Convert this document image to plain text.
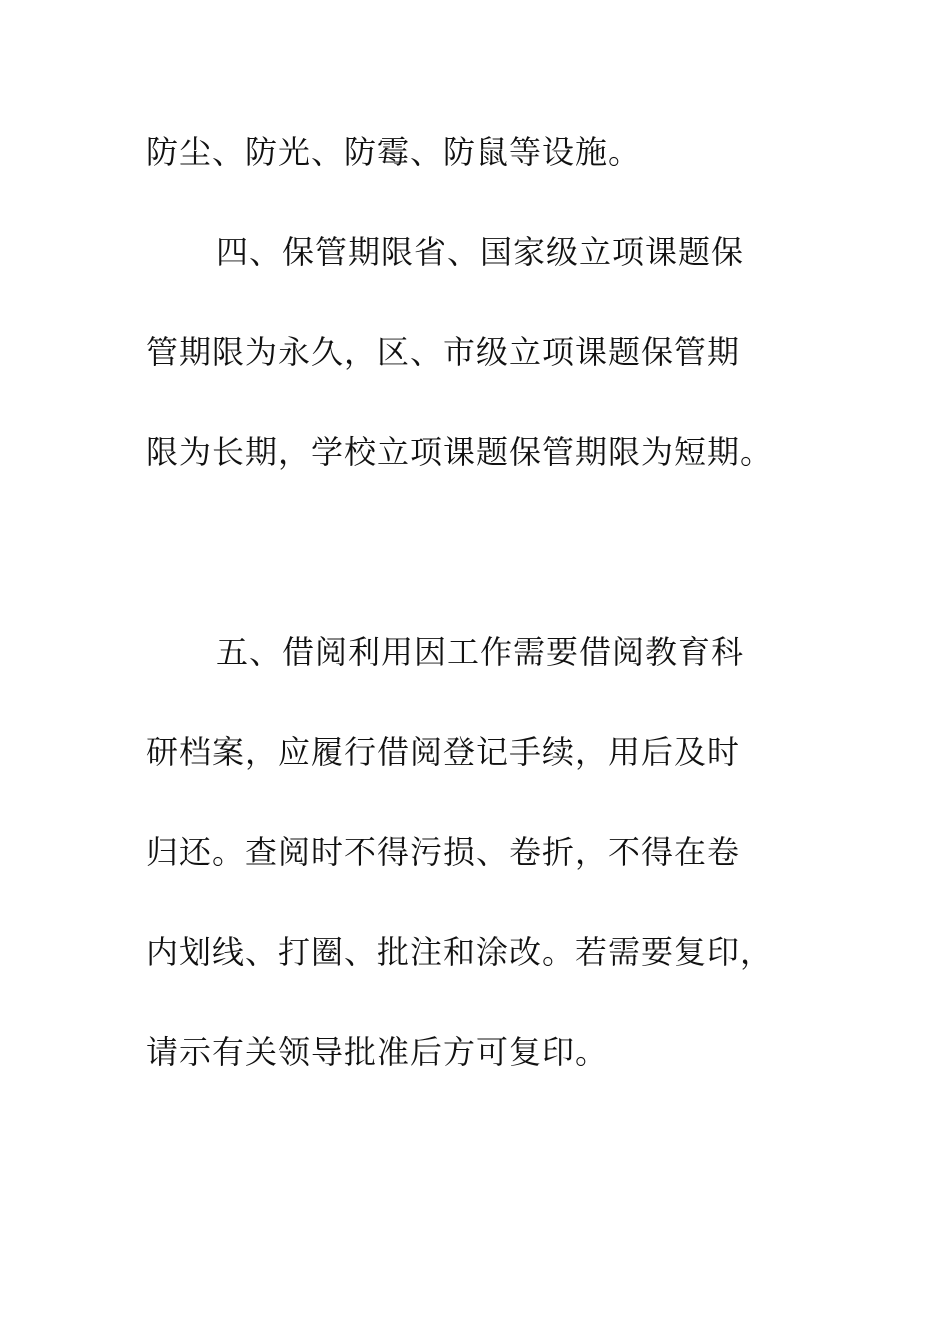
防尘、防光、防霉、防鼠等设施。
四、保管期限省、国家级立项课题保
管期限为永久，区、市级立项课题保管期
限为长期，学校立项课题保管期限为短期。
五、借阅利用因工作需要借阅教育科
研档案，应履行借阅登记手续，用后及时
归还。查阅时不得污损、卷折，不得在卷
内划线、打圈、批注和涂改。若需要复印，
请示有关领导批准后方可复印。
